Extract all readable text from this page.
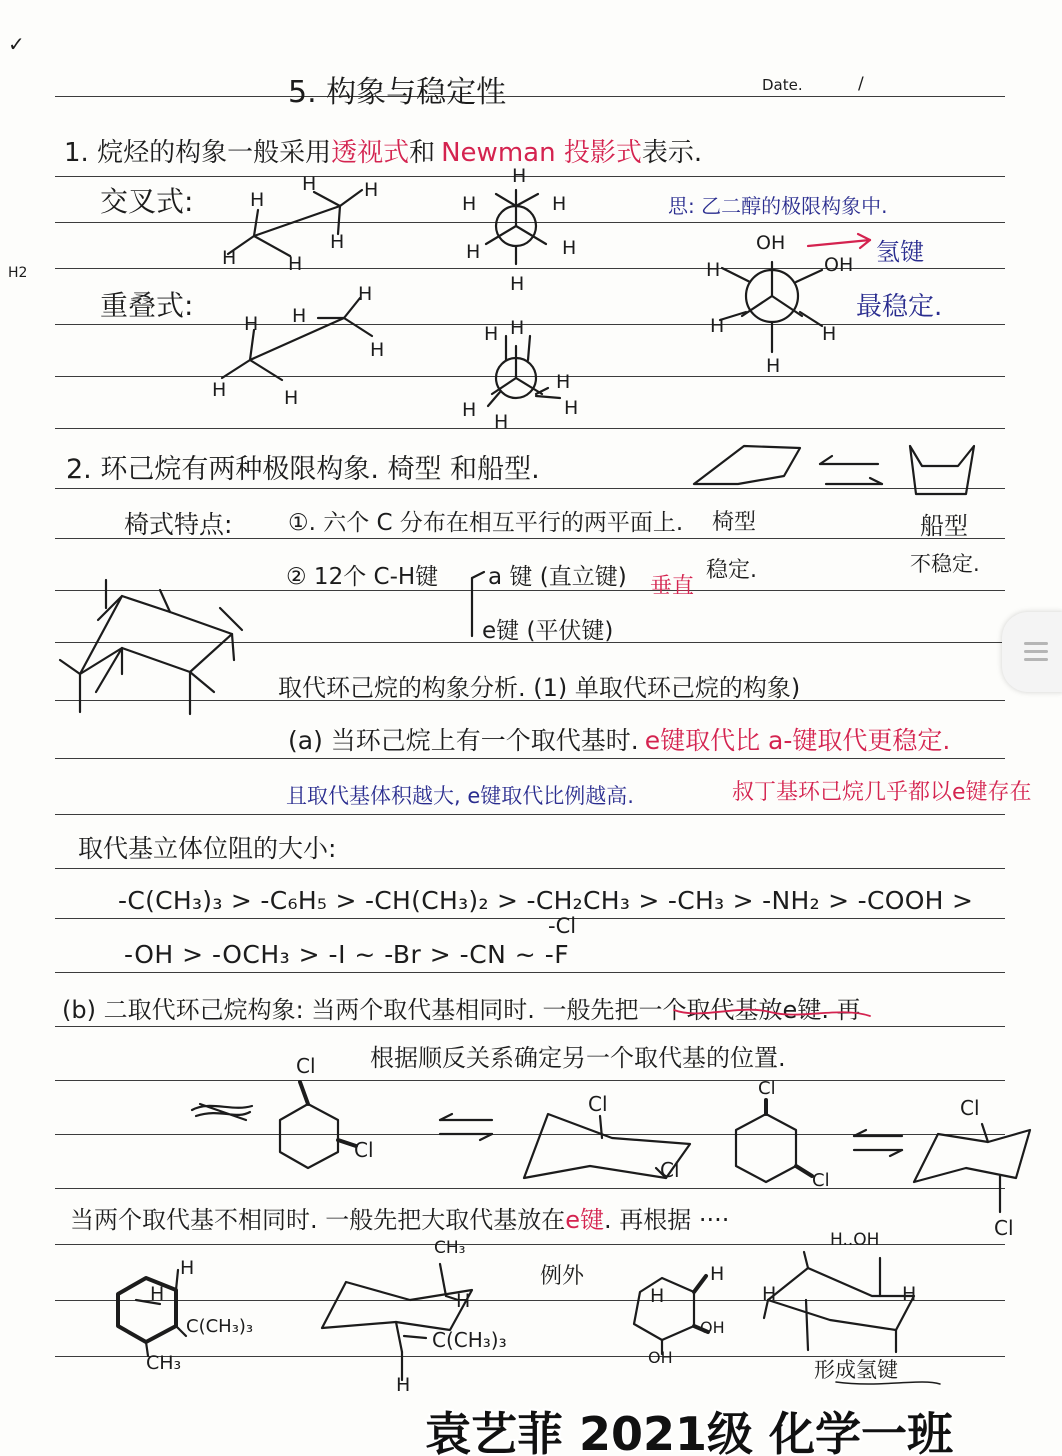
✓
H2
5. 构象与稳定性	Date.	/
1. 烷烃的构象一般采用透视式和 Newman 投影式表示.
交叉式:
重叠式:
思: 乙二醇的极限构象中.
OH
OH 氢键
最稳定.
2. 环己烷有两种极限构象. 椅型 和船型.
椅式特点: ①. 六个 C 分布在相互平行的两平面上. 椅型
稳定.
船型
不稳定.
② 12个 C-H键 a 键 (直立键) 垂直
e键 (平伏键)
取代环己烷的构象分析. (1) 单取代环己烷的构象)
(a) 当环己烷上有一个取代基时. e键取代比 a-键取代更稳定.
且取代基体积越大, e键取代比例越高.	叔丁基环己烷几乎都以e键存在
取代基立体位阻的大小:
-C(CH₃)₃ > -C₆H₅ > -CH(CH₃)₂ > -CH₂CH₃ > -CH₃ > -NH₂ > -COOH >
-Cl
-OH > -OCH₃ > -I ~ -Br > -CN ~ -F
(b) 二取代环己烷构象: 当两个取代基相同时. 一般先把一个取代基放e键. 再
根据顺反关系确定另一个取代基的位置.
Cl
Cl
Cl
Cl
Cl
Cl
Cl
Cl
当两个取代基不相同时. 一般先把大取代基放在e键. 再根据 ····
C(CH₃)₃
CH₃
CH₃
C(CH₃)₃
H
H
例外
OH
OH
H..OH
形成氢键
H
H	H
H
H	H
H
H	H
H	H
H
H H
H
H
H	H
H H
H
H
H
H
H
H	H
H
H
H	H	H	H
H
袁艺菲 2021级 化学一班
